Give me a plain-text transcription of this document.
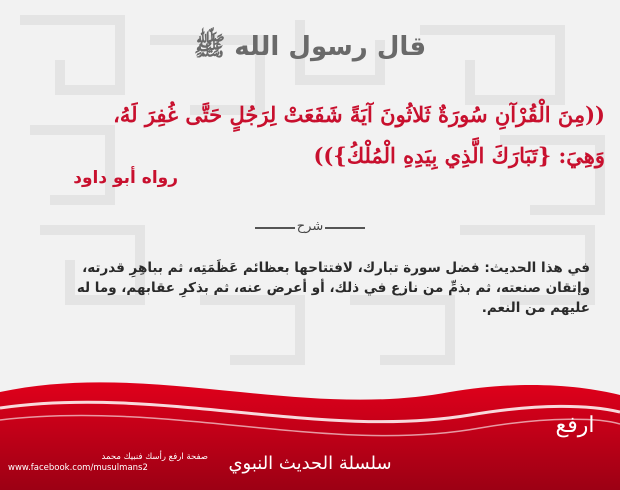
قال رسول الله ﷺ
((مِنَ الْقُرْآنِ سُورَةٌ ثَلاثُونَ آيَةً شَفَعَتْ لِرَجُلٍ حَتَّى غُفِرَ لَهُ،
وَهِيَ: {تَبَارَكَ الَّذِي بِيَدِهِ الْمُلْكُ}))
رواه أبو داود
شرح
في هذا الحديث: فضل سورة تبارك، لافتتاحها بعظائم عَظَمَتِه، ثم بباهِرِ قدرته، وإتقان صنعته، ثم بذمِّ من نازع في ذلك، أو أعرض عنه، ثم بذكرِ عقابهم، وما له عليهم من النعم.
صفحة ارفع رأسك فنبيك محمد
www.facebook.com/musulmans2	سلسلة الحديث النبوي
ارفع
